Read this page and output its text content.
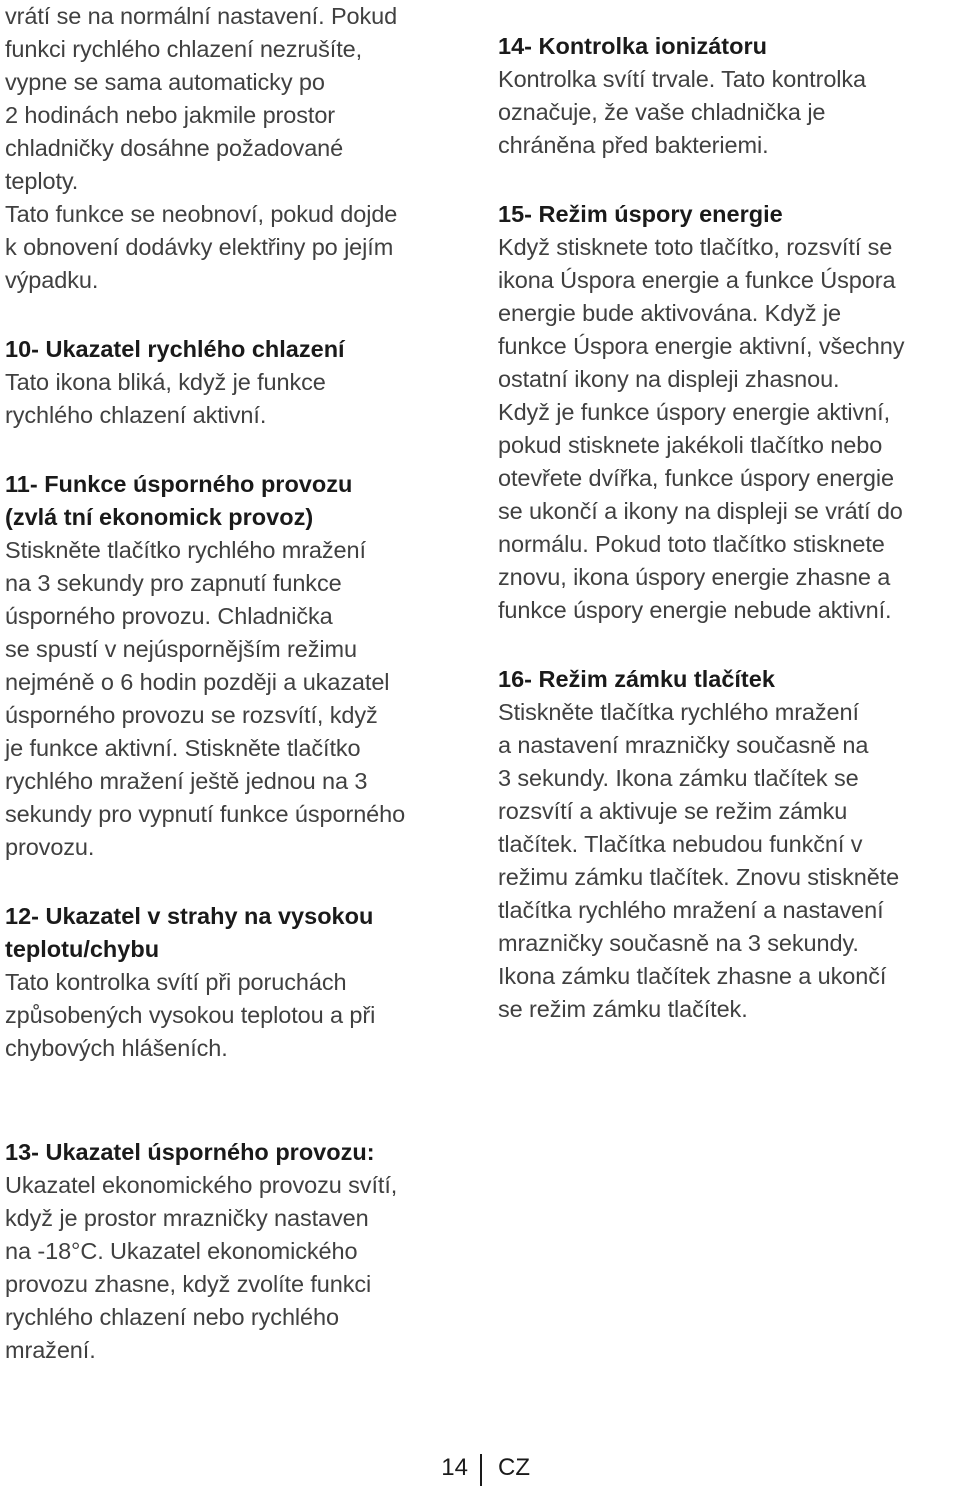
vrátí se na normální nastavení. Pokud
funkci rychlého chlazení nezrušíte,
vypne se sama automaticky po
2 hodinách nebo jakmile prostor
chladničky dosáhne požadované
teploty.
Tato funkce se neobnoví, pokud dojde
k obnovení dodávky elektřiny po jejím
výpadku.
10- Ukazatel rychlého chlazení
Tato ikona bliká, když je funkce
rychlého chlazení aktivní.
11- Funkce úsporného provozu
(zvlá tní ekonomick provoz)
Stiskněte tlačítko rychlého mražení
na 3 sekundy pro zapnutí funkce
úsporného provozu. Chladnička
se spustí v nejúspornějším režimu
nejméně o 6 hodin později a ukazatel
úsporného provozu se rozsvítí, když
je funkce aktivní. Stiskněte tlačítko
rychlého mražení ještě jednou na 3
sekundy pro vypnutí funkce úsporného
provozu.
12- Ukazatel v strahy na vysokou
teplotu/chybu
Tato kontrolka svítí při poruchách
způsobených vysokou teplotou a při
chybových hlášeních.
14- Kontrolka ionizátoru
Kontrolka svítí trvale. Tato kontrolka
označuje, že vaše chladnička je
chráněna před bakteriemi.
15- Režim úspory energie
Když stisknete toto tlačítko, rozsvítí se
ikona Úspora energie a funkce Úspora
energie bude aktivována. Když je
funkce Úspora energie aktivní, všechny
ostatní ikony na displeji zhasnou.
Když je funkce úspory energie aktivní,
pokud stisknete jakékoli tlačítko nebo
otevřete dvířka, funkce úspory energie
se ukončí a ikony na displeji se vrátí do
normálu. Pokud toto tlačítko stisknete
znovu, ikona úspory energie zhasne a
funkce úspory energie nebude aktivní.
16- Režim zámku tlačítek
Stiskněte tlačítka rychlého mražení
a nastavení mrazničky současně na
3 sekundy. Ikona zámku tlačítek se
rozsvítí a aktivuje se režim zámku
tlačítek. Tlačítka nebudou funkční v
režimu zámku tlačítek. Znovu stiskněte
tlačítka rychlého mražení a nastavení
mrazničky současně na 3 sekundy.
Ikona zámku tlačítek zhasne a ukončí
se režim zámku tlačítek.
13- Ukazatel úsporného provozu:
Ukazatel ekonomického provozu svítí,
když je prostor mrazničky nastaven
na -18°C. Ukazatel ekonomického
provozu zhasne, když zvolíte funkci
rychlého chlazení nebo rychlého
mražení.
14 CZ
